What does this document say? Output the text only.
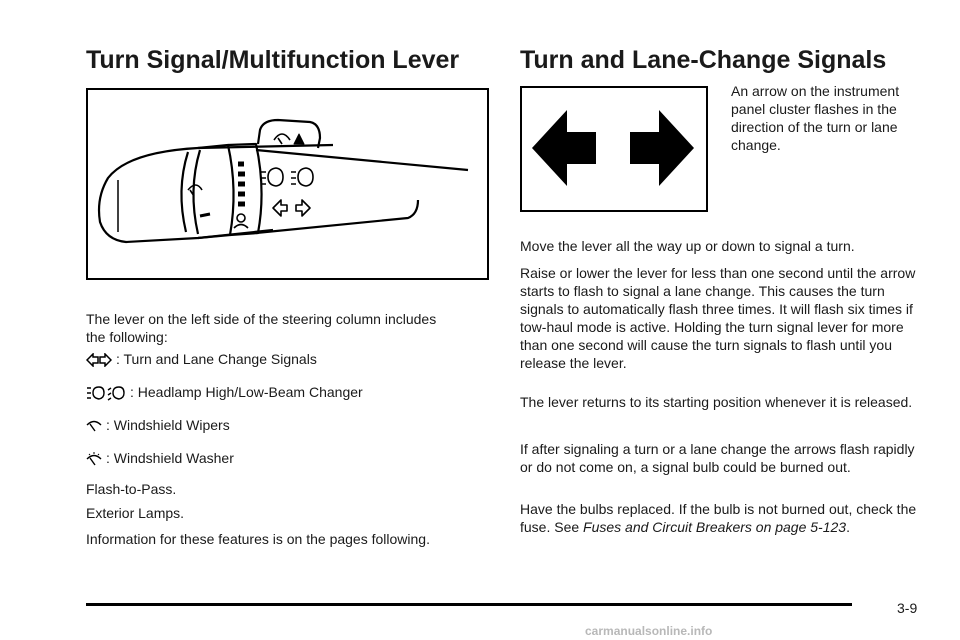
Turn Signal/Multifunction Lever
The lever on the left side of the steering column includes the following:
: Turn and Lane Change Signals
: Headlamp High/Low-Beam Changer
: Windshield Wipers
: Windshield Washer
Flash-to-Pass.
Exterior Lamps.
Information for these features is on the pages following.
Turn and Lane-Change Signals
An arrow on the instrument panel cluster flashes in the direction of the turn or lane change.
Move the lever all the way up or down to signal a turn.
Raise or lower the lever for less than one second until the arrow starts to flash to signal a lane change. This causes the turn signals to automatically flash three times. It will flash six times if tow-haul mode is active. Holding the turn signal lever for more than one second will cause the turn signals to flash until you release the lever.
The lever returns to its starting position whenever it is released.
If after signaling a turn or a lane change the arrows flash rapidly or do not come on, a signal bulb could be burned out.
Have the bulbs replaced. If the bulb is not burned out, check the fuse. See Fuses and Circuit Breakers on page 5-123.
3-9
carmanualsonline.info
